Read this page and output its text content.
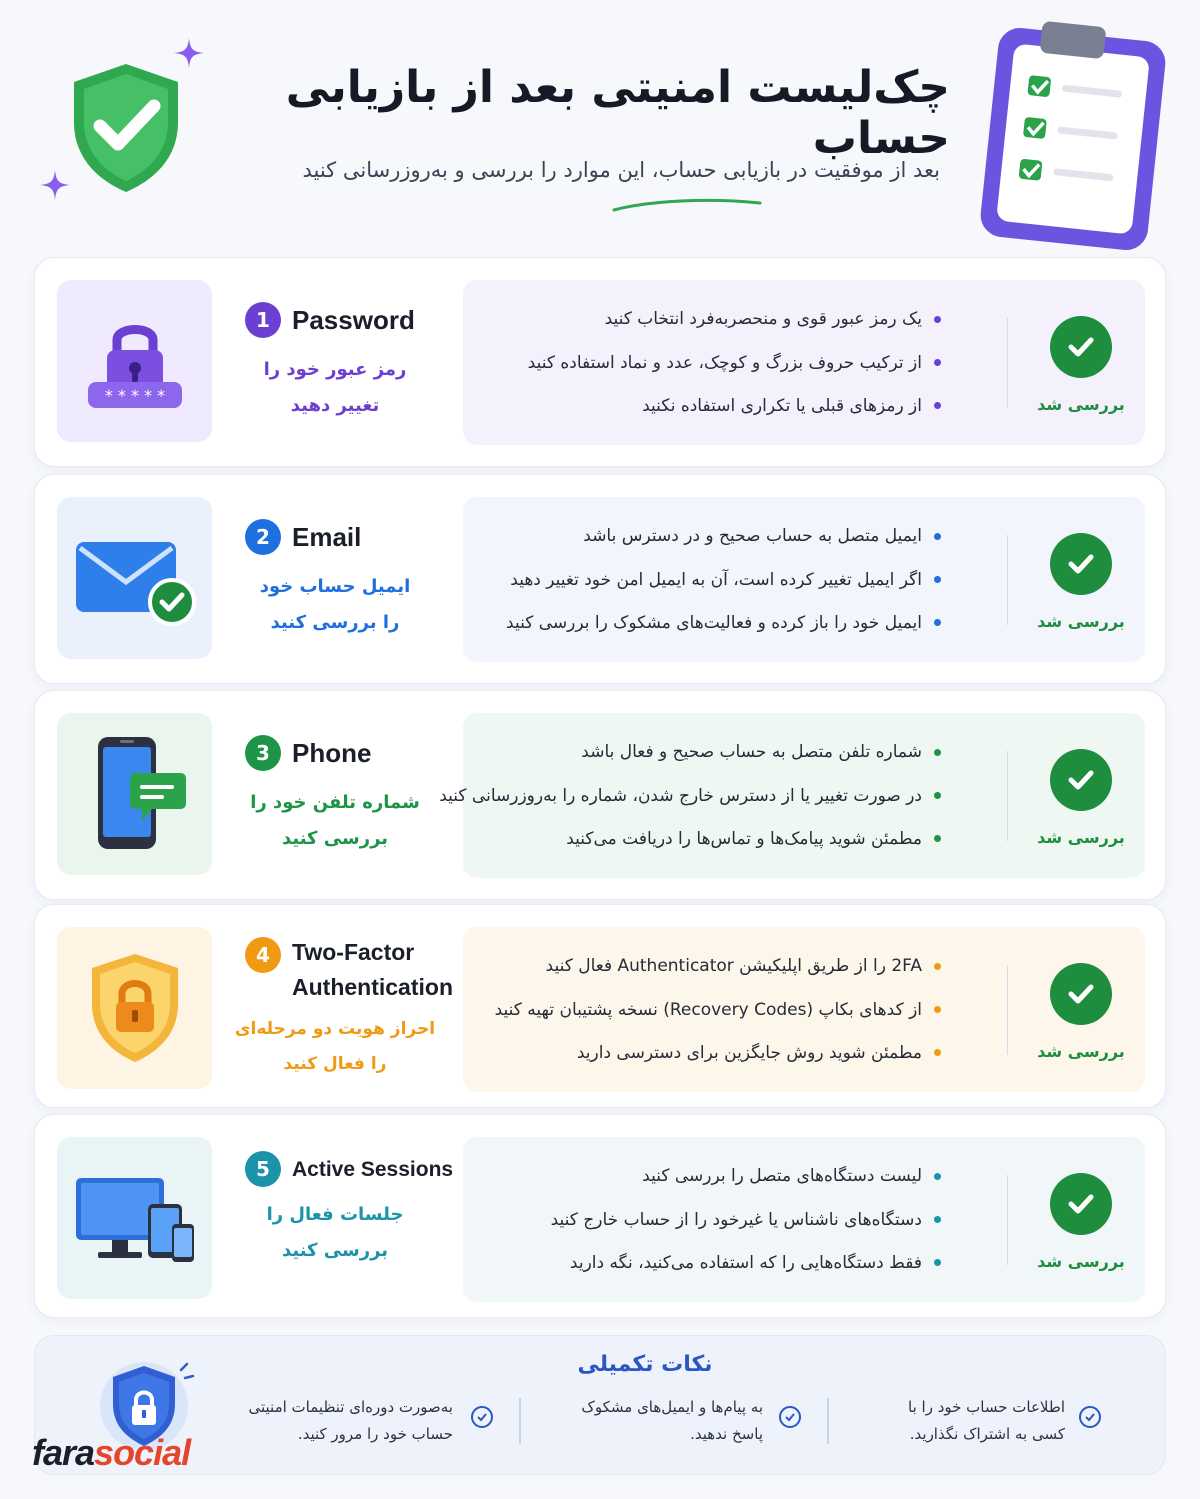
چک‌لیست امنیتی بعد از بازیابی حساب
بعد از موفقیت در بازیابی حساب، این موارد را بررسی و به‌روزرسانی کنید
* * * * *
1 Password
رمز عبور خود را
تغییر دهید
یک رمز عبور قوی و منحصربه‌فرد انتخاب کنید
از ترکیب حروف بزرگ و کوچک، عدد و نماد استفاده کنید
از رمزهای قبلی یا تکراری استفاده نکنید	بررسی شد
2 Email
ایمیل حساب خود
را بررسی کنید
ایمیل متصل به حساب صحیح و در دسترس باشد
اگر ایمیل تغییر کرده است، آن به ایمیل امن خود تغییر دهید
ایمیل خود را باز کرده و فعالیت‌های مشکوک را بررسی کنید	بررسی شد
3 Phone
شماره تلفن خود را
بررسی کنید
شماره تلفن متصل به حساب صحیح و فعال باشد
در صورت تغییر یا از دسترس خارج شدن، شماره را به‌روزرسانی کنید
مطمئن شوید پیامک‌ها و تماس‌ها را دریافت می‌کنید	بررسی شد
4 Two-Factor
Authentication
احراز هویت دو مرحله‌ای
را فعال کنید
2FA را از طریق اپلیکیشن Authenticator فعال کنید
از کدهای بکاپ (Recovery Codes) نسخه پشتیبان تهیه کنید
مطمئن شوید روش جایگزین برای دسترسی دارید	بررسی شد
5	Active Sessions
جلسات فعال را
بررسی کنید
لیست دستگاه‌های متصل را بررسی کنید
دستگاه‌های ناشناس یا غیرخود را از حساب خارج کنید
فقط دستگاه‌هایی را که استفاده می‌کنید، نگه دارید	بررسی شد
نکات تکمیلی
اطلاعات حساب خود را با
کسی به اشتراک نگذارید.
به پیام‌ها و ایمیل‌های مشکوک
پاسخ ندهید.
به‌صورت دوره‌ای تنظیمات امنیتی
حساب خود را مرور کنید.
farasocial
